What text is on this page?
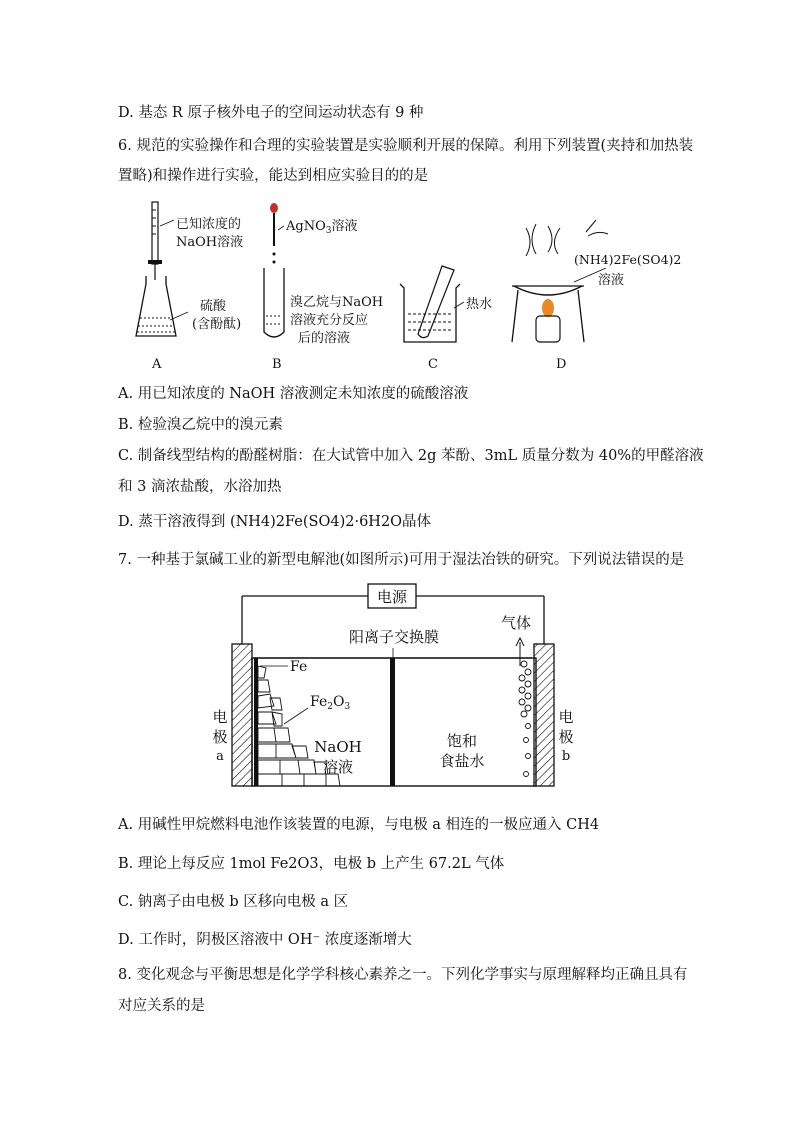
D. 基态 R 原子核外电子的空间运动状态有 9 种
6. 规范的实验操作和合理的实验装置是实验顺利开展的保障。利用下列装置(夹持和加热装
置略)和操作进行实验，能达到相应实验目的的是
已知浓度的
NaOH溶液
硫酸
(含酚酞)
A
AgNO$_3$溶液
溴乙烷与NaOH
溶液充分反应
后的溶液
B
热水
C
(NH4)2Fe(SO4)2
溶液
D
A. 用已知浓度的 NaOH 溶液测定未知浓度的硫酸溶液
B. 检验溴乙烷中的溴元素
C. 制备线型结构的酚醛树脂：在大试管中加入 2g 苯酚、3mL 质量分数为 40%的甲醛溶液
和 3 滴浓盐酸，水浴加热
D. 蒸干溶液得到 (NH4)2Fe(SO4)2·6H2O晶体
7. 一种基于氯碱工业的新型电解池(如图所示)可用于湿法冶铁的研究。下列说法错误的是
电源
Fe
$Fe_2O_3$
阳离子交换膜
气体
电
极
a
电
极
b
NaOH
溶液
饱和
食盐水
A. 用碱性甲烷燃料电池作该装置的电源，与电极 a 相连的一极应通入 CH4
B. 理论上每反应 1mol Fe2O3，电极 b 上产生 67.2L 气体
C. 钠离子由电极 b 区移向电极 a 区
D. 工作时，阴极区溶液中 OH⁻ 浓度逐渐增大
8. 变化观念与平衡思想是化学学科核心素养之一。下列化学事实与原理解释均正确且具有
对应关系的是
